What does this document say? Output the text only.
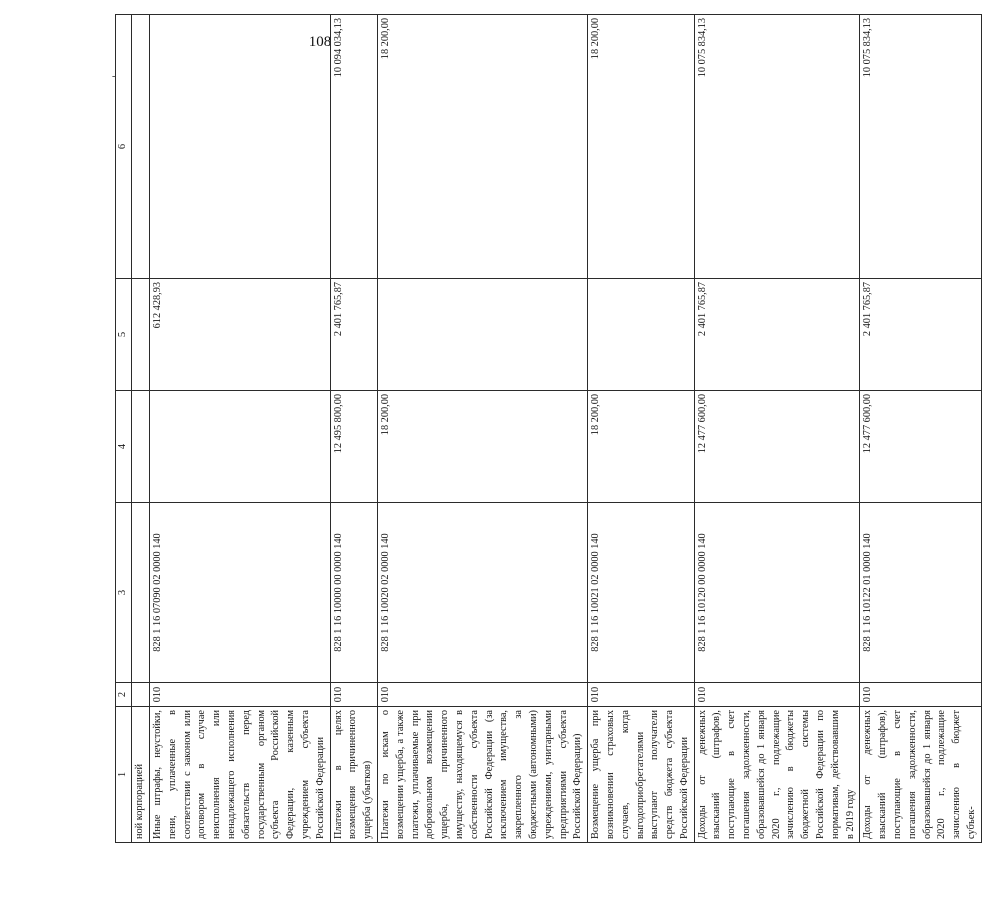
108
-
1	2	3	4	5	6
ной корпорацией					
Иные штрафы, неустойки, пени, уплаченные в соответствии с законом или договором в случае неисполнения или ненадлежащего исполнения обязательств перед государственным органом субъекта Российской Федерации, казенным учреждением субъекта Российской Федерации	010	828 1 16 07090 02 0000 140		612 428,93	
Платежи в целях возмещения причиненного ущерба (убытков)	010	828 1 16 10000 00 0000 140	12 495 800,00	2 401 765,87	10 094 034,13
Платежи по искам о возмещении ущерба, а также платежи, уплачиваемые при добровольном возмещении ущерба, причиненного имуществу, находящемуся в собственности субъекта Российской Федерации (за исключением имущества, закрепленного за бюджетными (автономными) учреждениями, унитарными предприятиями субъекта Российской Федерации)	010	828 1 16 10020 02 0000 140	18 200,00		18 200,00
Возмещение ущерба при возникновении страховых случаев, когда выгодоприобретателями выступают получатели средств бюджета субъекта Российской Федерации	010	828 1 16 10021 02 0000 140	18 200,00		18 200,00
Доходы от денежных взысканий (штрафов), поступающие в счет погашения задолженности, образовавшейся до 1 января 2020 г., подлежащие зачислению в бюджеты бюджетной системы Российской Федерации по нормативам, действовавшим в 2019 году	010	828 1 16 10120 00 0000 140	12 477 600,00	2 401 765,87	10 075 834,13
Доходы от денежных взысканий (штрафов), поступающие в счет погашения задолженности, образовавшейся до 1 января 2020 г., подлежащие зачислению в бюджет субъек-	010	828 1 16 10122 01 0000 140	12 477 600,00	2 401 765,87	10 075 834,13
